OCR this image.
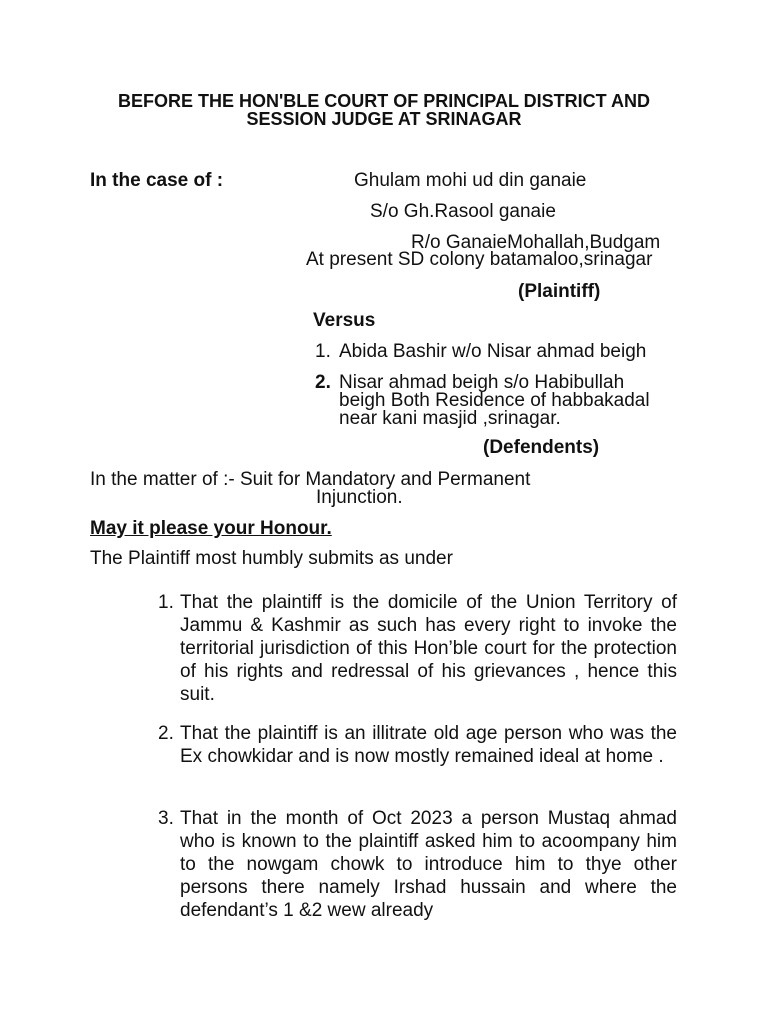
BEFORE THE HON'BLE COURT OF PRINCIPAL DISTRICT AND
SESSION JUDGE AT SRINAGAR
In the case of :	Ghulam mohi ud din ganaie
S/o Gh.Rasool ganaie
R/o GanaieMohallah,Budgam
At present SD colony batamaloo,srinagar
(Plaintiff)
Versus
1. Abida Bashir w/o Nisar ahmad beigh
2. Nisar ahmad beigh s/o Habibullah
beigh Both Residence of habbakadal
near kani masjid ,srinagar.
(Defendents)
In the matter of :- Suit for Mandatory and Permanent
Injunction.
May it please your Honour.
The Plaintiff most humbly submits as under
1. That the plaintiff is the domicile of the Union Territory of Jammu & Kashmir as such has every right to invoke the territorial jurisdiction of this Hon’ble court for the protection of his rights and redressal of his grievances , hence this suit.
2. That the plaintiff is an illitrate old age person who was the Ex chowkidar and is now mostly remained ideal at home .
3. That in the month of Oct 2023 a person Mustaq ahmad who is known to the plaintiff asked him to acoompany him to the nowgam chowk to introduce him to thye other persons there namely Irshad hussain and where the defendant’s 1 &2 wew already
